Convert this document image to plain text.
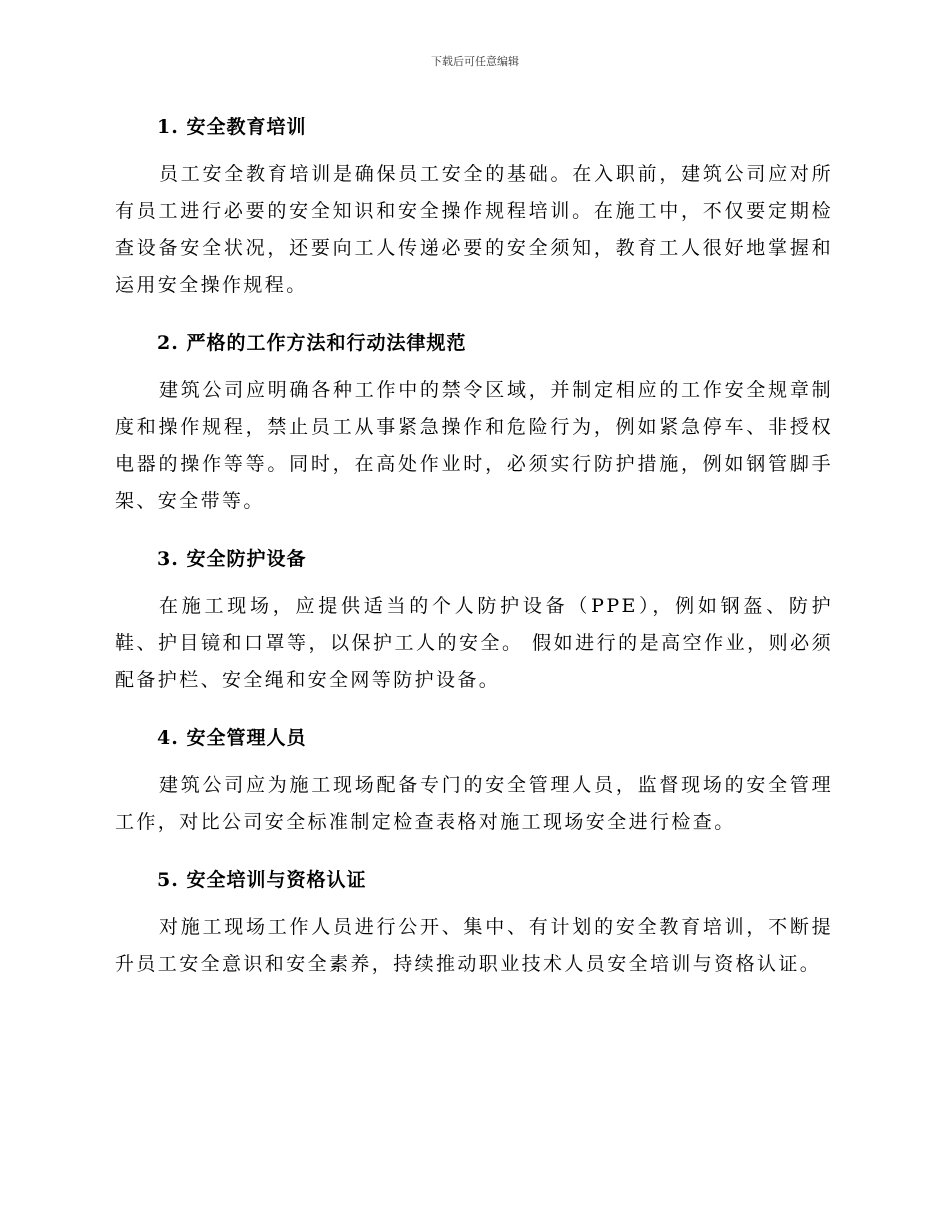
下载后可任意编辑
1. 安全教育培训

员工安全教育培训是确保员工安全的基础。在入职前，建筑公司应对所有员工进行必要的安全知识和安全操作规程培训。在施工中，不仅要定期检查设备安全状况，还要向工人传递必要的安全须知，教育工人很好地掌握和运用安全操作规程。

2. 严格的工作方法和行动法律规范

建筑公司应明确各种工作中的禁令区域，并制定相应的工作安全规章制度和操作规程，禁止员工从事紧急操作和危险行为，例如紧急停车、非授权电器的操作等等。同时，在高处作业时，必须实行防护措施，例如钢管脚手架、安全带等。

3. 安全防护设备

在施工现场，应提供适当的个人防护设备（PPE），例如钢盔、防护鞋、护目镜和口罩等，以保护工人的安全。 假如进行的是高空作业，则必须配备护栏、安全绳和安全网等防护设备。

4. 安全管理人员

建筑公司应为施工现场配备专门的安全管理人员，监督现场的安全管理工作，对比公司安全标准制定检查表格对施工现场安全进行检查。

5. 安全培训与资格认证

对施工现场工作人员进行公开、集中、有计划的安全教育培训，不断提升员工安全意识和安全素养，持续推动职业技术人员安全培训与资格认证。
